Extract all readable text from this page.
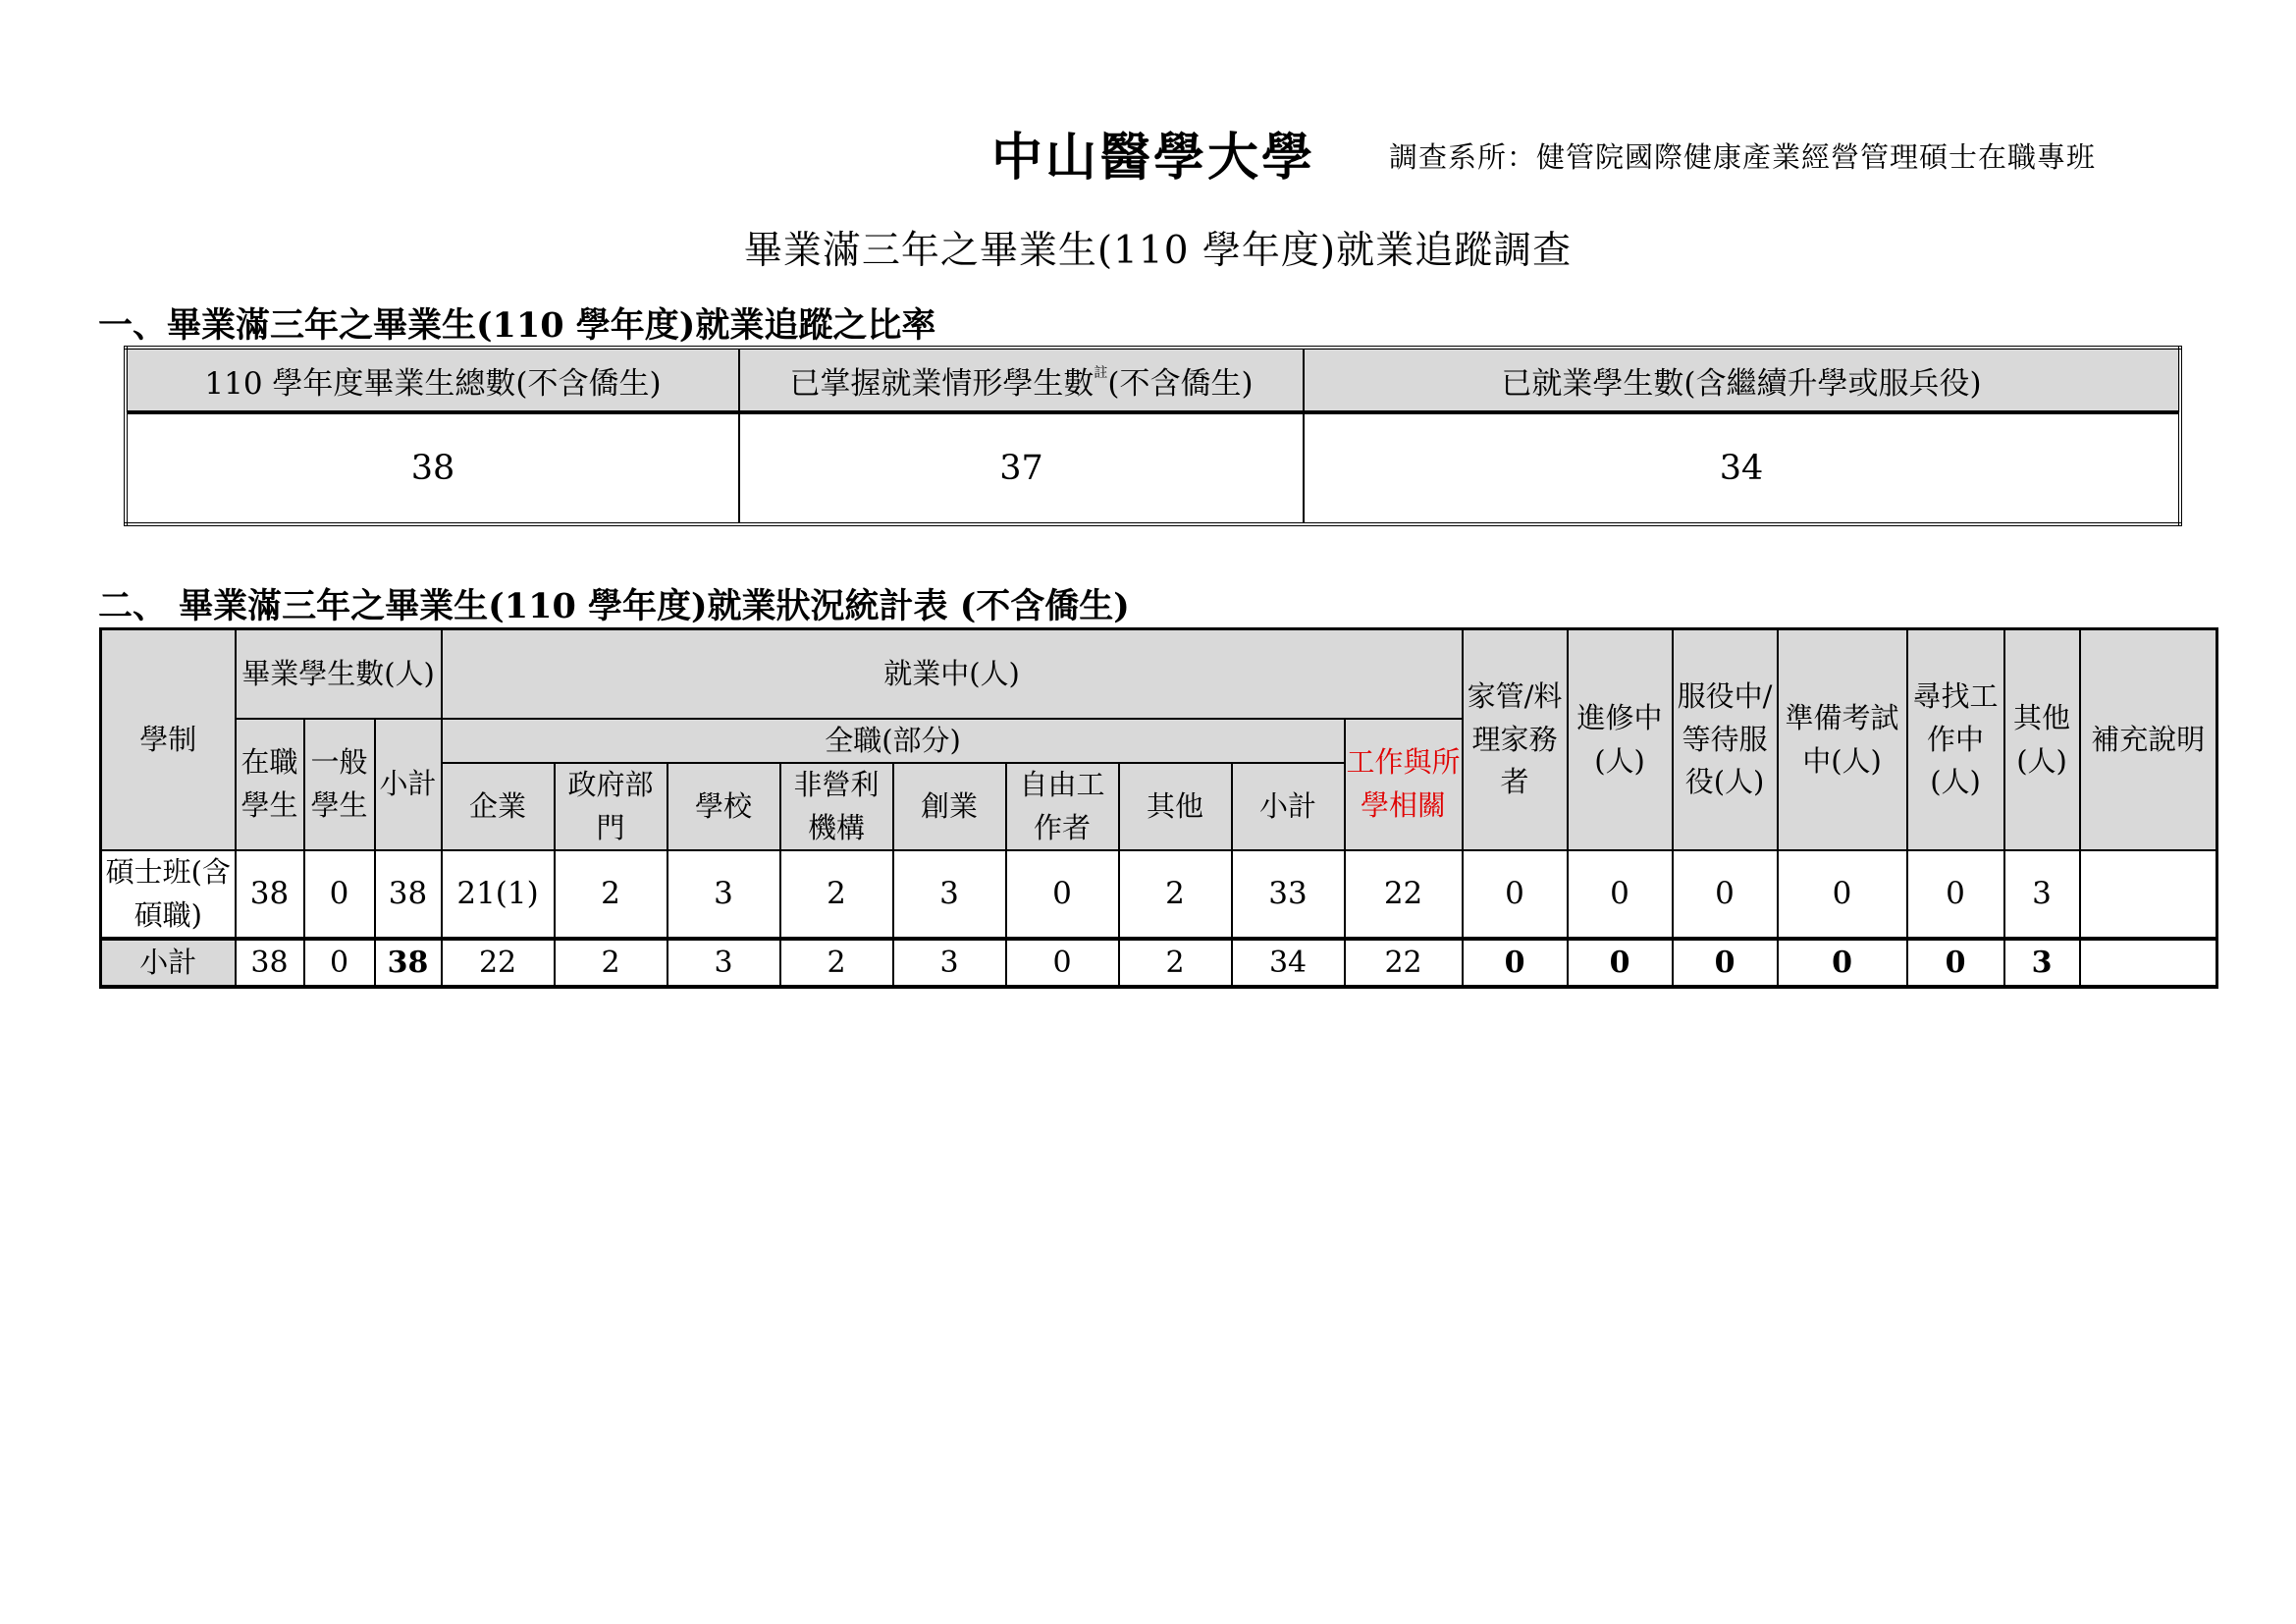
中山醫學大學	調查系所：健管院國際健康產業經營管理碩士在職專班
畢業滿三年之畢業生(110 學年度)就業追蹤調查
一、畢業滿三年之畢業生(110 學年度)就業追蹤之比率
110 學年度畢業生總數(不含僑生)	已掌握就業情形學生數$^註$(不含僑生)	已就業學生數(含繼續升學或服兵役)
38	37	34
二、 畢業滿三年之畢業生(110 學年度)就業狀況統計表 (不含僑生)
學制	畢業學生數(人)			就業中(人)									家管/料理家務者	進修中(人)	服役中/等待服役(人)	準備考試中(人)	尋找工作中(人)	其他(人)	補充說明
	在職學生	一般學生	小計	全職(部分)								工作與所學相關							
				企業	政府部門	學校	非營利機構	創業	自由工作者	其他	小計								
碩士班(含碩職)	38	0	38	21(1)	2	3	2	3	0	2	33	22	0	0	0	0	0	3	
小計	38	0	38	22	2	3	2	3	0	2	34	22	0	0	0	0	0	3	
